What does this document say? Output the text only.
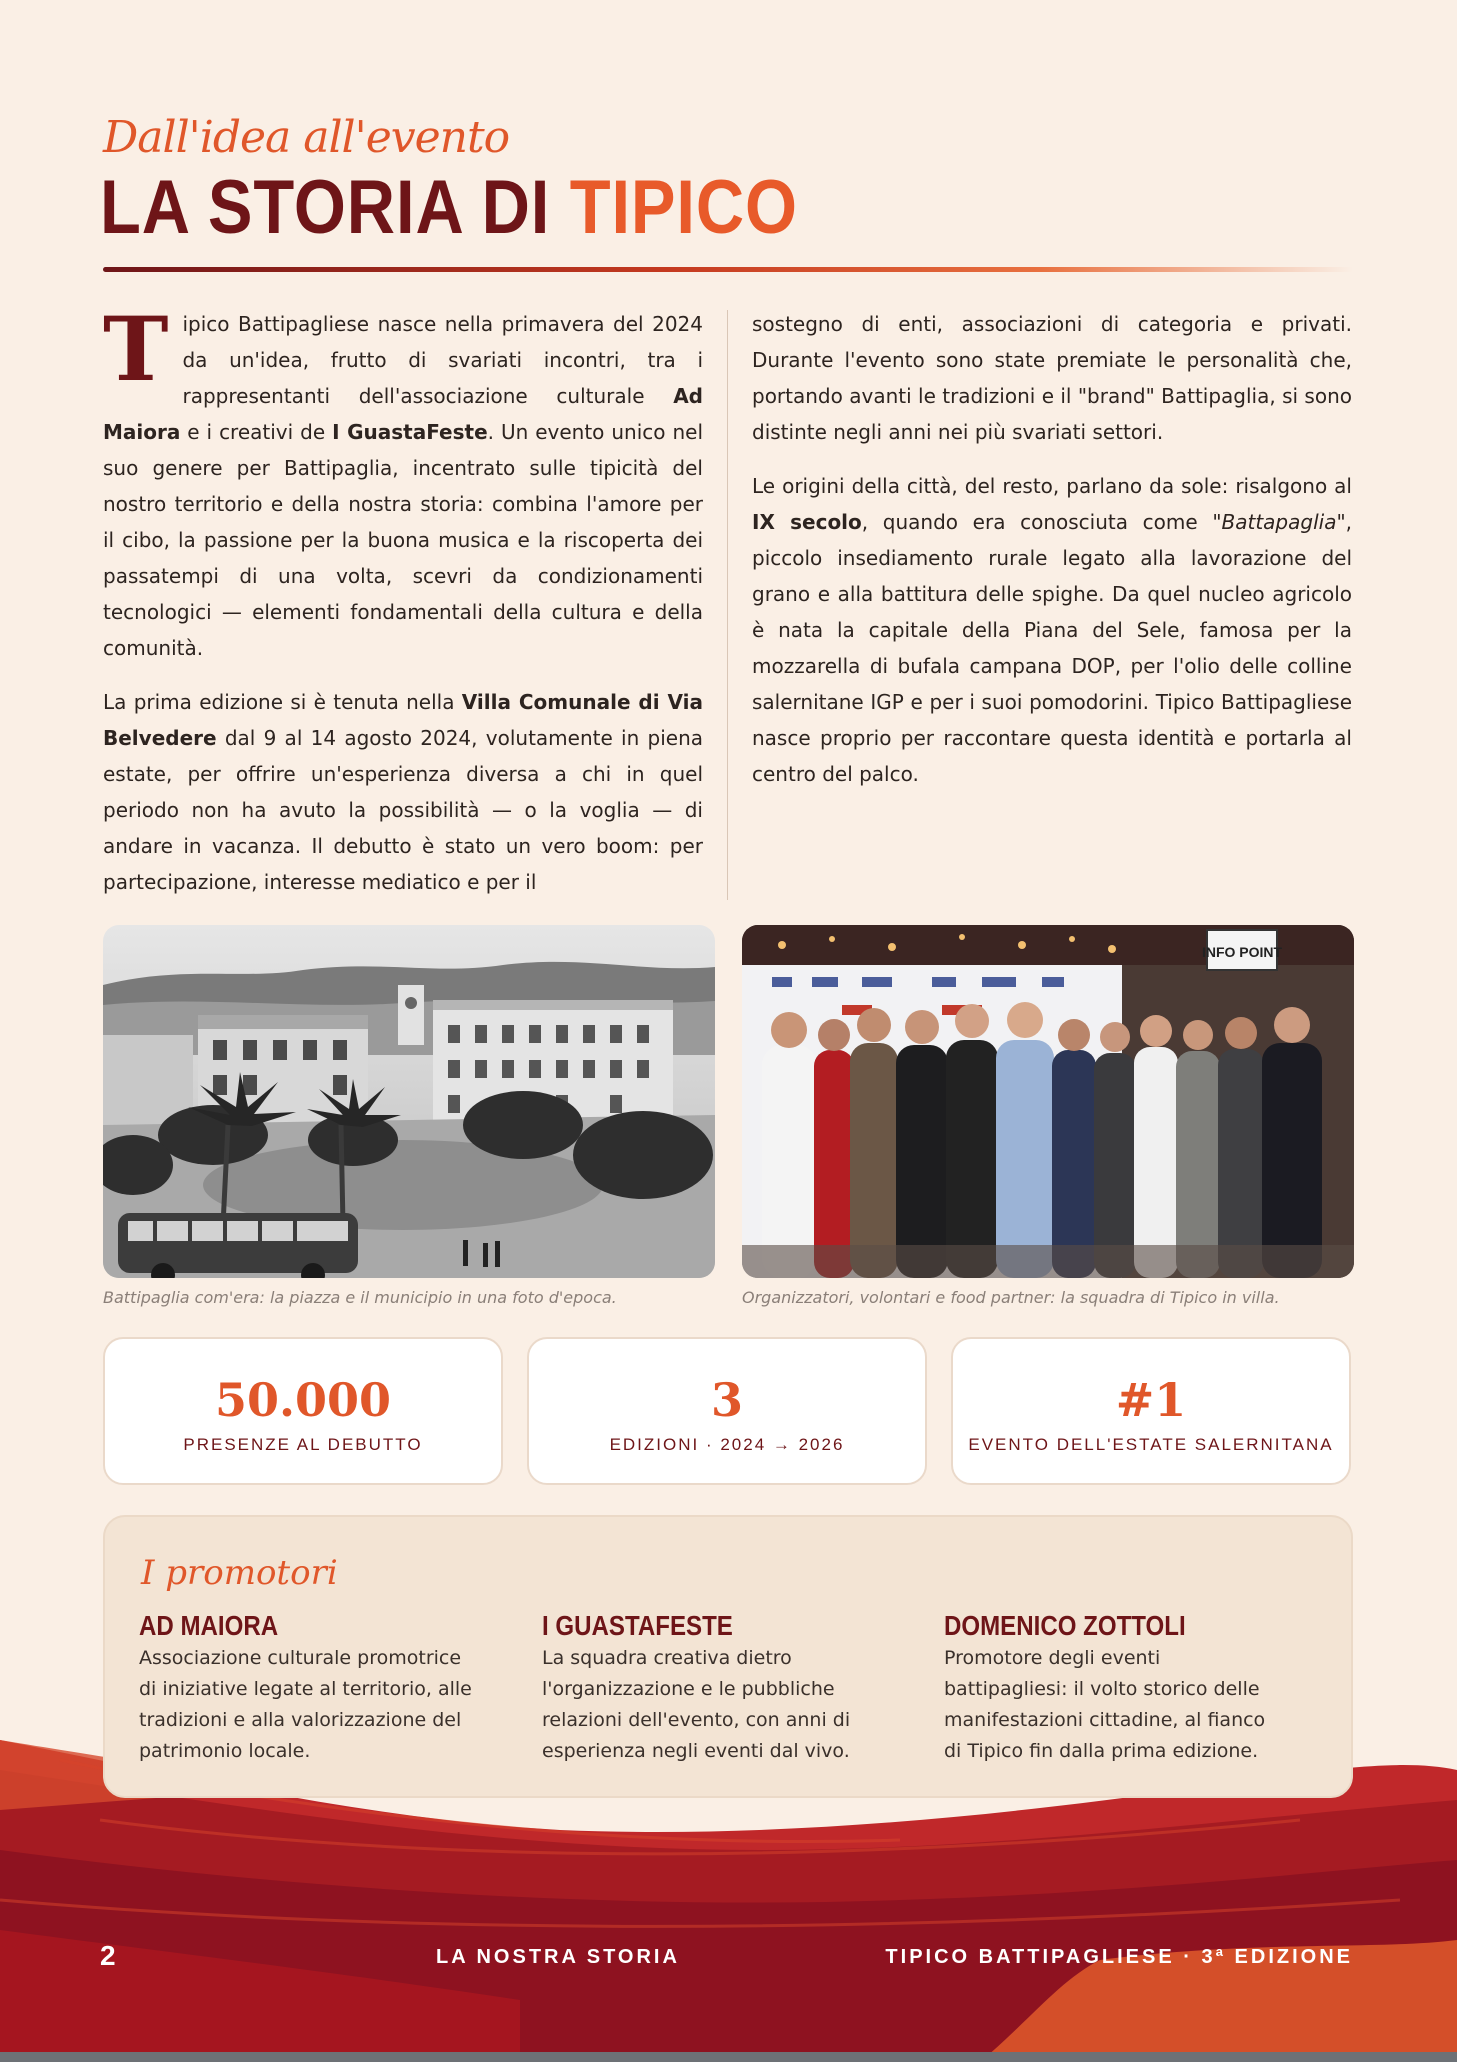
Dall'idea all'evento
LA STORIA DI TIPICO

Tipico Battipagliese nasce nella primavera del 2024 da un'idea, frutto di svariati incontri, tra i rappresentanti dell'associazione culturale Ad Maiora e i creativi de I GuastaFeste. Un evento unico nel suo genere per Battipaglia, incentrato sulle tipicità del nostro territorio e della nostra storia: combina l'amore per il cibo, la passione per la buona musica e la riscoperta dei passatempi di una volta, scevri da condizionamenti tecnologici — elementi fondamentali della cultura e della comunità.

La prima edizione si è tenuta nella Villa Comunale di Via Belvedere dal 9 al 14 agosto 2024, volutamente in piena estate, per offrire un'esperienza diversa a chi in quel periodo non ha avuto la possibilità — o la voglia — di andare in vacanza. Il debutto è stato un vero boom: per partecipazione, interesse mediatico e per il

sostegno di enti, associazioni di categoria e privati. Durante l'evento sono state premiate le personalità che, portando avanti le tradizioni e il "brand" Battipaglia, si sono distinte negli anni nei più svariati settori.

Le origini della città, del resto, parlano da sole: risalgono al IX secolo, quando era conosciuta come "Battapaglia", piccolo insediamento rurale legato alla lavorazione del grano e alla battitura delle spighe. Da quel nucleo agricolo è nata la capitale della Piana del Sele, famosa per la mozzarella di bufala campana DOP, per l'olio delle colline salernitane IGP e per i suoi pomodorini. Tipico Battipagliese nasce proprio per raccontare questa identità e portarla al centro del palco.

INFO POINT
Battipaglia com'era: la piazza e il municipio in una foto d'epoca.	Organizzatori, volontari e food partner: la squadra di Tipico in villa.
50.000
PRESENZE AL DEBUTTO
3
EDIZIONI · 2024 → 2026
#1
EVENTO DELL'ESTATE SALERNITANA
I promotori
AD MAIORA
Associazione culturale promotrice di iniziative legate al territorio, alle tradizioni e alla valorizzazione del patrimonio locale.
I GUASTAFESTE
La squadra creativa dietro l'organizzazione e le pubbliche relazioni dell'evento, con anni di esperienza negli eventi dal vivo.
DOMENICO ZOTTOLI
Promotore degli eventi battipagliesi: il volto storico delle manifestazioni cittadine, al fianco di Tipico fin dalla prima edizione.
2	LA NOSTRA STORIA	TIPICO BATTIPAGLIESE · 3ª EDIZIONE
